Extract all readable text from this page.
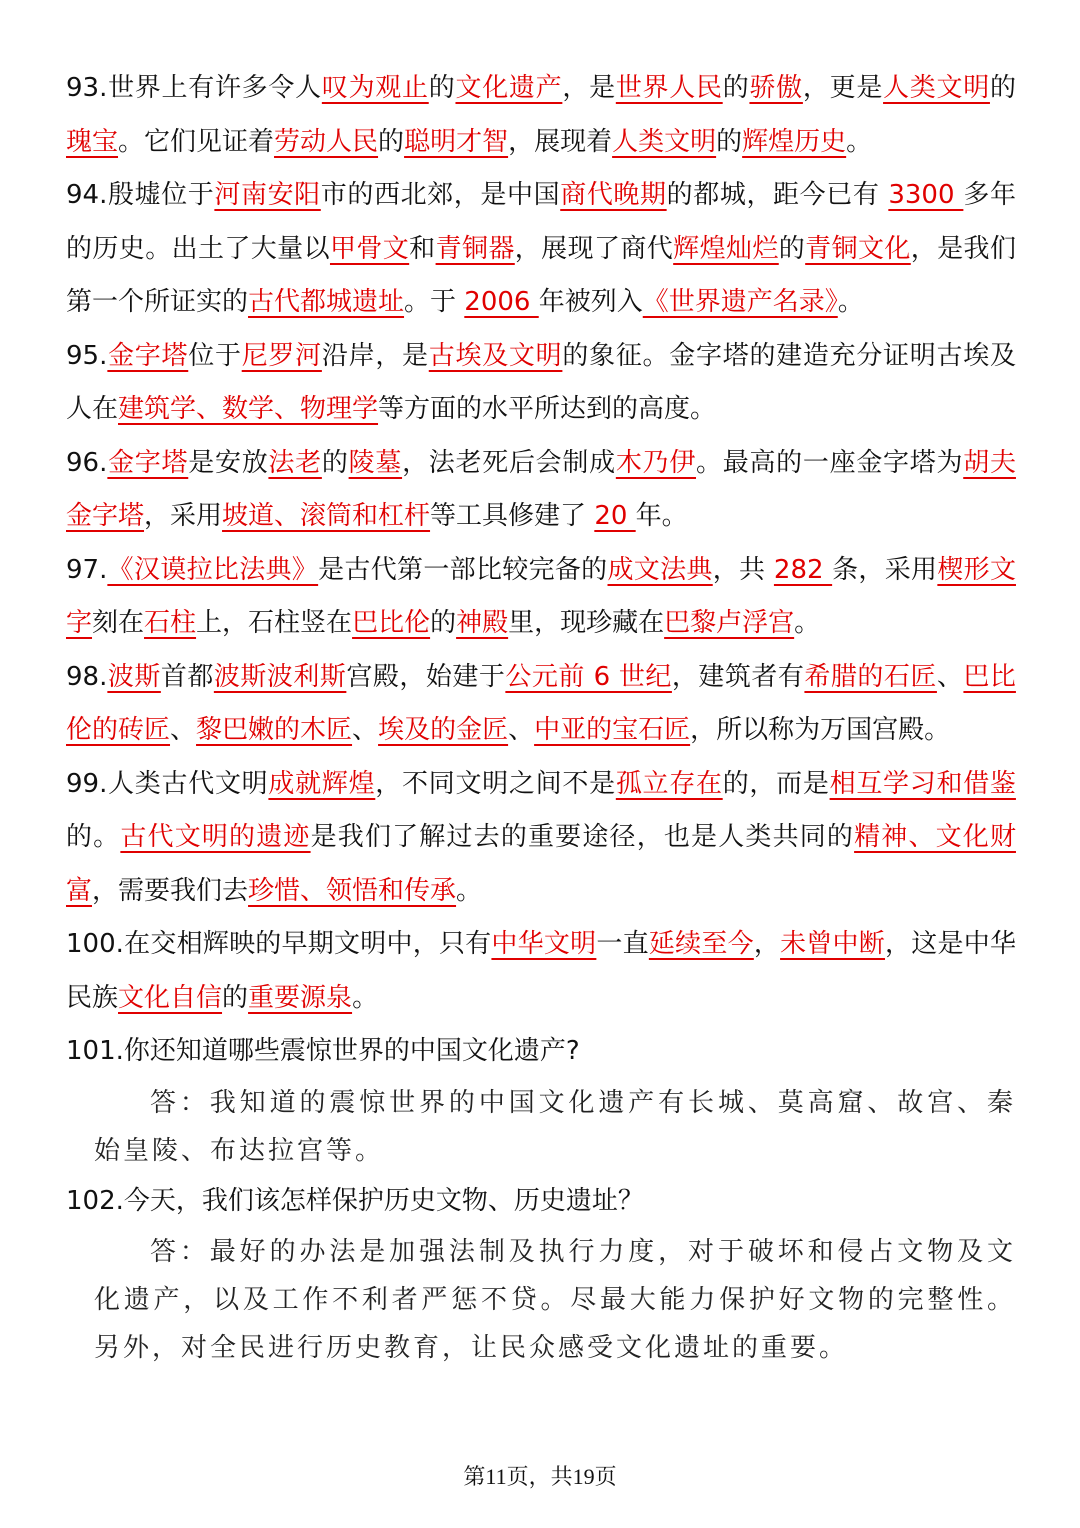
93.世界上有许多令人叹为观止的文化遗产，是世界人民的骄傲，更是人类文明的瑰宝。它们见证着劳动人民的聪明才智，展现着人类文明的辉煌历史。

94.殷墟位于河南安阳市的西北郊，是中国商代晚期的都城，距今已有 3300 多年的历史。出土了大量以甲骨文和青铜器，展现了商代辉煌灿烂的青铜文化，是我们第一个所证实的古代都城遗址。于 2006 年被列入《世界遗产名录》。

95.金字塔位于尼罗河沿岸，是古埃及文明的象征。金字塔的建造充分证明古埃及人在建筑学、数学、物理学等方面的水平所达到的高度。

96.金字塔是安放法老的陵墓，法老死后会制成木乃伊。最高的一座金字塔为胡夫金字塔，采用坡道、滚筒和杠杆等工具修建了 20 年。

97.《汉谟拉比法典》是古代第一部比较完备的成文法典，共 282 条，采用楔形文字刻在石柱上，石柱竖在巴比伦的神殿里，现珍藏在巴黎卢浮宫。

98.波斯首都波斯波利斯宫殿，始建于公元前 6 世纪，建筑者有希腊的石匠、巴比伦的砖匠、黎巴嫩的木匠、埃及的金匠、中亚的宝石匠，所以称为万国宫殿。

99.人类古代文明成就辉煌，不同文明之间不是孤立存在的，而是相互学习和借鉴的。古代文明的遗迹是我们了解过去的重要途径，也是人类共同的精神、文化财富，需要我们去珍惜、领悟和传承。

100.在交相辉映的早期文明中，只有中华文明一直延续至今，未曾中断，这是中华民族文化自信的重要源泉。

101.你还知道哪些震惊世界的中国文化遗产?

答：我知道的震惊世界的中国文化遗产有长城、莫高窟、故宫、秦始皇陵、布达拉宫等。

102.今天，我们该怎样保护历史文物、历史遗址？

答：最好的办法是加强法制及执行力度，对于破坏和侵占文物及文化遗产，以及工作不利者严惩不贷。尽最大能力保护好文物的完整性。另外，对全民进行历史教育，让民众感受文化遗址的重要。

第11页，共19页
